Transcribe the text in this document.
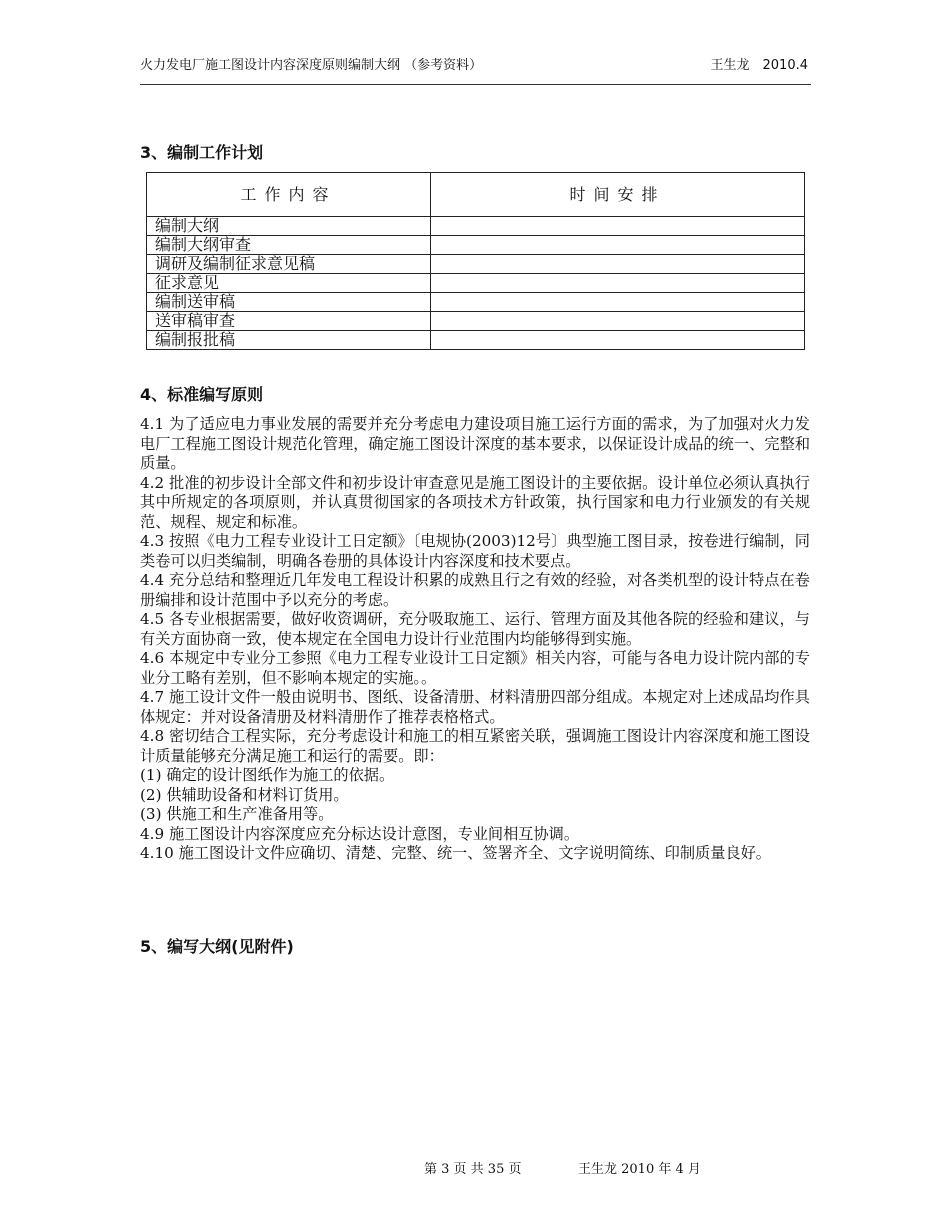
火力发电厂施工图设计内容深度原则编制大纲 （参考资料）	王生龙　2010.4
3、编制工作计划
工作内容	时间安排
编制大纲	
编制大纲审查	
调研及编制征求意见稿	
征求意见	
编制送审稿	
送审稿审查	
编制报批稿	
4、标准编写原则

4.1 为了适应电力事业发展的需要并充分考虑电力建设项目施工运行方面的需求，为了加强对火力发电厂工程施工图设计规范化管理，确定施工图设计深度的基本要求，以保证设计成品的统一、完整和质量。

4.2 批准的初步设计全部文件和初步设计审查意见是施工图设计的主要依据。设计单位必须认真执行其中所规定的各项原则，并认真贯彻国家的各项技术方针政策，执行国家和电力行业颁发的有关规范、规程、规定和标准。

4.3 按照《电力工程专业设计工日定额》〔电规协(2003)12号〕典型施工图目录，按卷进行编制，同类卷可以归类编制，明确各卷册的具体设计内容深度和技术要点。

4.4 充分总结和整理近几年发电工程设计积累的成熟且行之有效的经验，对各类机型的设计特点在卷册编排和设计范围中予以充分的考虑。

4.5 各专业根据需要，做好收资调研，充分吸取施工、运行、管理方面及其他各院的经验和建议，与有关方面协商一致，使本规定在全国电力设计行业范围内均能够得到实施。

4.6 本规定中专业分工参照《电力工程专业设计工日定额》相关内容，可能与各电力设计院内部的专业分工略有差别，但不影响本规定的实施。。

4.7 施工设计文件一般由说明书、图纸、设备清册、材料清册四部分组成。本规定对上述成品均作具体规定：并对设备清册及材料清册作了推荐表格格式。

4.8 密切结合工程实际，充分考虑设计和施工的相互紧密关联，强调施工图设计内容深度和施工图设计质量能够充分满足施工和运行的需要。即：

(1) 确定的设计图纸作为施工的依据。

(2) 供辅助设备和材料订货用。

(3) 供施工和生产准备用等。

4.9 施工图设计内容深度应充分标达设计意图，专业间相互协调。

4.10 施工图设计文件应确切、清楚、完整、统一、签署齐全、文字说明简练、印制质量良好。

5、编写大纲(见附件)
第 3 页 共 35 页	王生龙 2010 年 4 月
